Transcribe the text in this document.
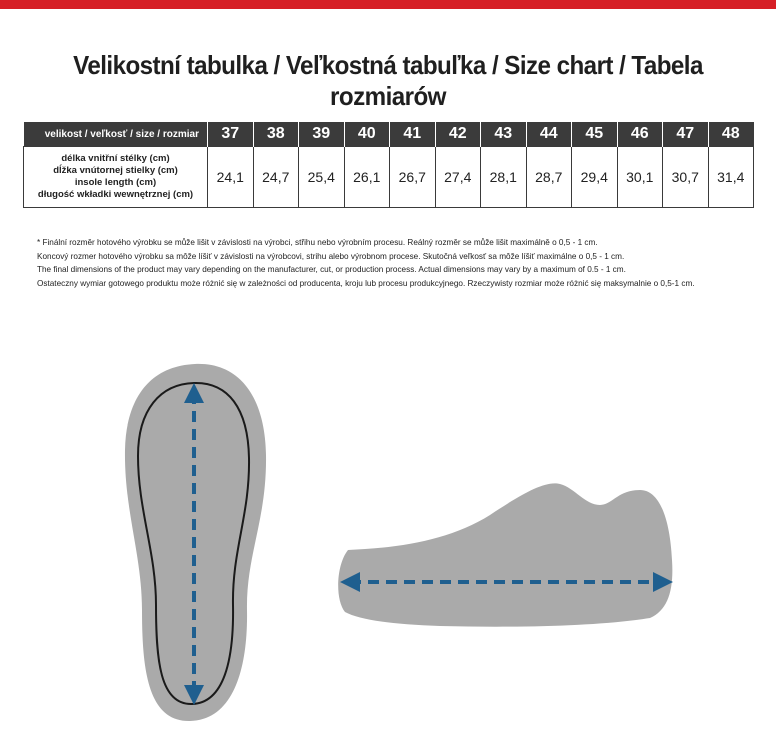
Velikostní tabulka / Veľkostná tabuľka / Size chart / Tabela rozmiarów
velikost / veľkosť / size / rozmiar	37	38	39	40	41	42	43	44	45	46	47	48

délka vnitřní stélky (cm)
dĺžka vnútornej stielky (cm)
insole length (cm)
długość wkładki wewnętrznej (cm)	24,1	24,7	25,4	26,1	26,7	27,4	28,1	28,7	29,4	30,1	30,7	31,4
* Finální rozměr hotového výrobku se může lišit v závislosti na výrobci, střihu nebo výrobním procesu. Reálný rozměr se může lišit maximálně o 0,5 - 1 cm.
Koncový rozmer hotového výrobku sa môže líšiť v závislosti na výrobcovi, strihu alebo výrobnom procese. Skutočná veľkosť sa môže líšiť maximálne o 0,5 - 1 cm.
The final dimensions of the product may vary depending on the manufacturer, cut, or production process. Actual dimensions may vary by a maximum of 0.5 - 1 cm.
Ostateczny wymiar gotowego produktu może różnić się w zależności od producenta, kroju lub procesu produkcyjnego. Rzeczywisty rozmiar może różnić się maksymalnie o 0,5-1 cm.
